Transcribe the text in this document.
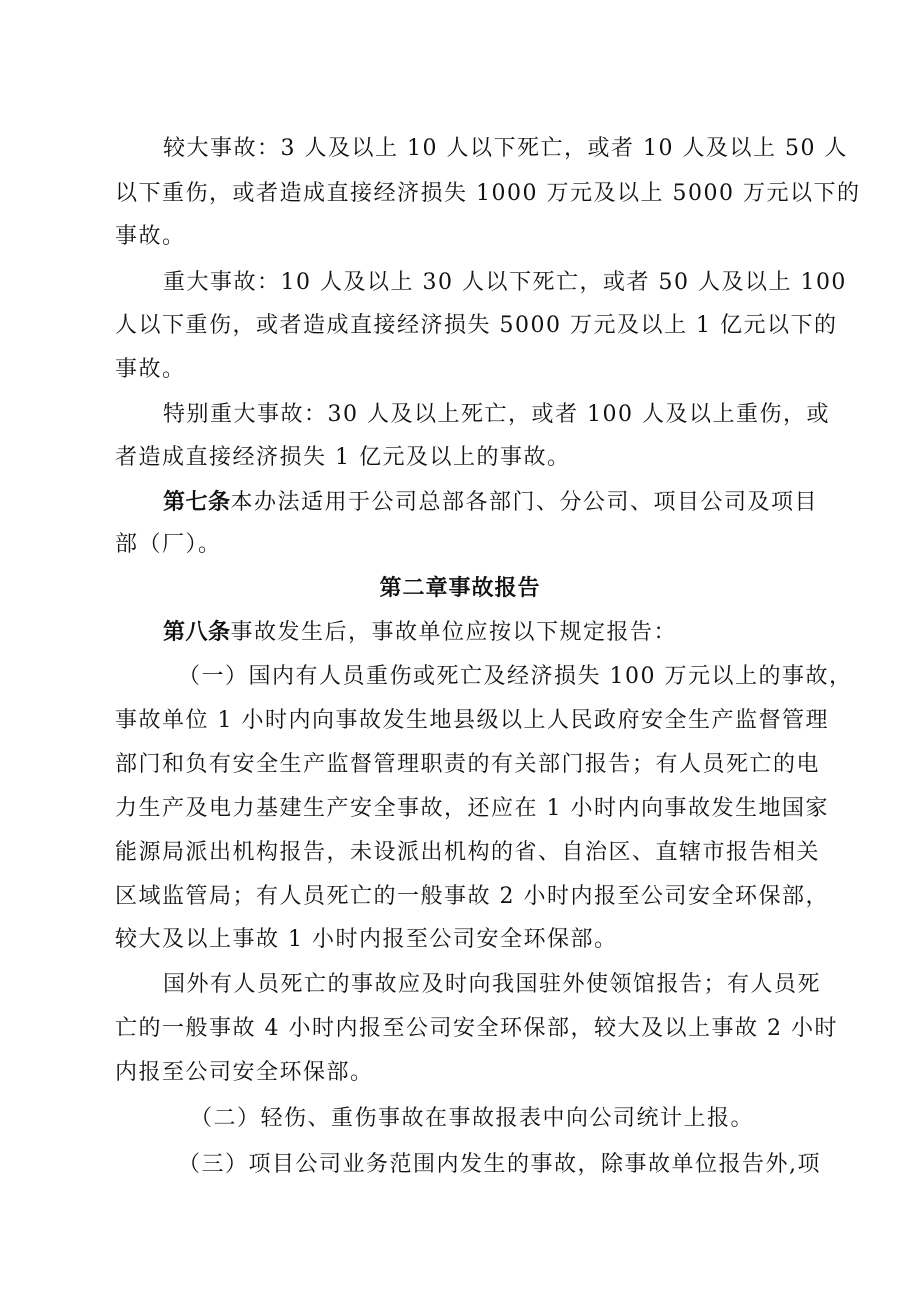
较大事故：3 人及以上 10 人以下死亡，或者 10 人及以上 50 人
以下重伤，或者造成直接经济损失 1000 万元及以上 5000 万元以下的
事故。
重大事故：10 人及以上 30 人以下死亡，或者 50 人及以上 100
人以下重伤，或者造成直接经济损失 5000 万元及以上 1 亿元以下的
事故。
特别重大事故：30 人及以上死亡，或者 100 人及以上重伤，或
者造成直接经济损失 1 亿元及以上的事故。
第七条本办法适用于公司总部各部门、分公司、项目公司及项目
部（厂）。
第二章事故报告
第八条事故发生后，事故单位应按以下规定报告：
（一）国内有人员重伤或死亡及经济损失 100 万元以上的事故，
事故单位 1 小时内向事故发生地县级以上人民政府安全生产监督管理
部门和负有安全生产监督管理职责的有关部门报告；有人员死亡的电
力生产及电力基建生产安全事故，还应在 1 小时内向事故发生地国家
能源局派出机构报告，未设派出机构的省、自治区、直辖市报告相关
区域监管局；有人员死亡的一般事故 2 小时内报至公司安全环保部，
较大及以上事故 1 小时内报至公司安全环保部。
国外有人员死亡的事故应及时向我国驻外使领馆报告；有人员死
亡的一般事故 4 小时内报至公司安全环保部，较大及以上事故 2 小时
内报至公司安全环保部。
（二）轻伤、重伤事故在事故报表中向公司统计上报。
（三）项目公司业务范围内发生的事故，除事故单位报告外,项
